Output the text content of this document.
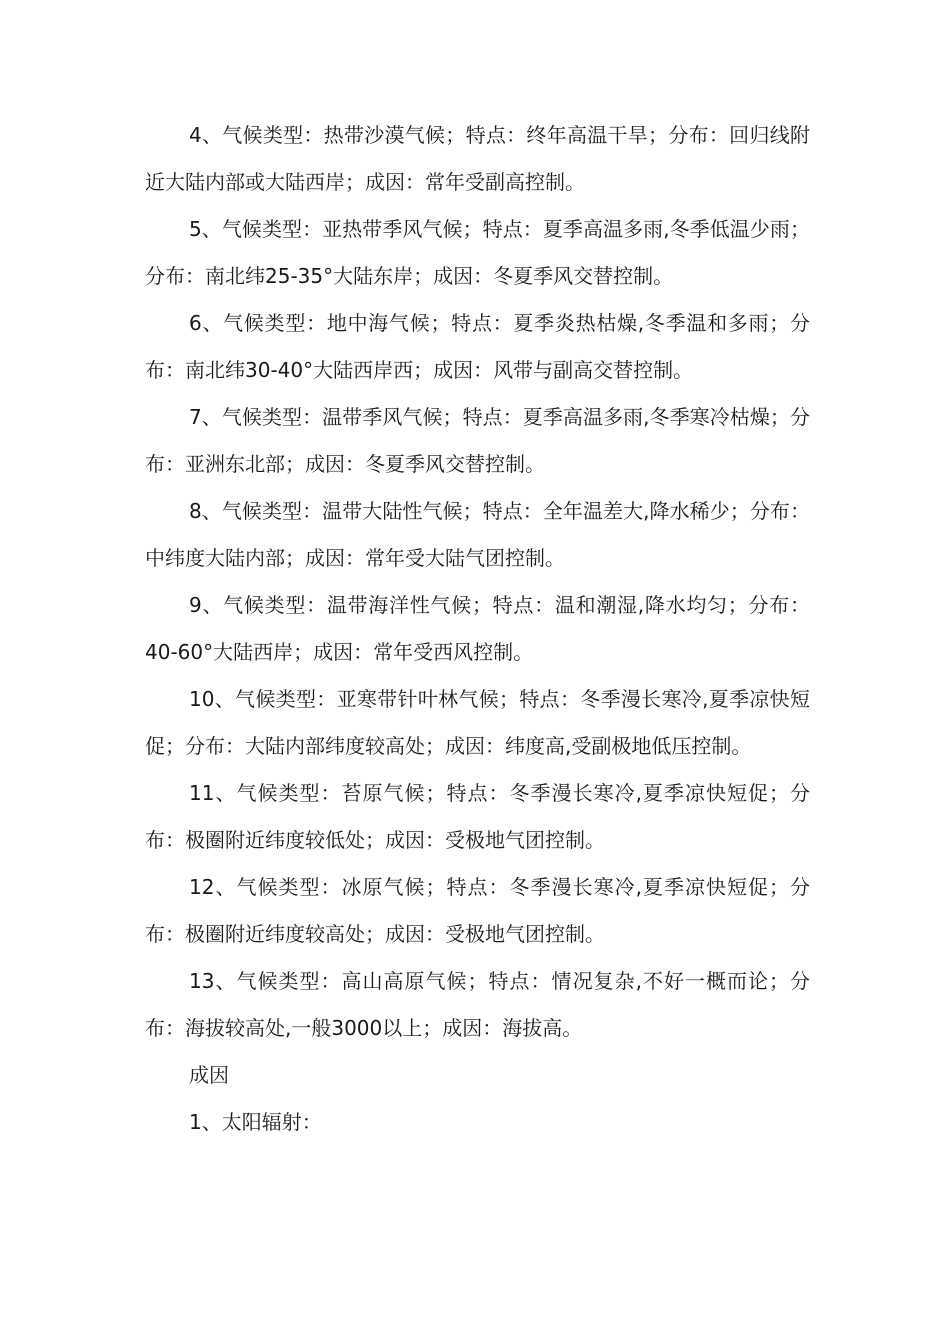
4、气候类型：热带沙漠气候；特点：终年高温干旱；分布：回归线附近大陆内部或大陆西岸；成因：常年受副高控制。

5、气候类型：亚热带季风气候；特点：夏季高温多雨,冬季低温少雨；分布：南北纬25-35°大陆东岸；成因：冬夏季风交替控制。

6、气候类型：地中海气候；特点：夏季炎热枯燥,冬季温和多雨；分布：南北纬30-40°大陆西岸西；成因：风带与副高交替控制。

7、气候类型：温带季风气候；特点：夏季高温多雨,冬季寒冷枯燥；分布：亚洲东北部；成因：冬夏季风交替控制。

8、气候类型：温带大陆性气候；特点：全年温差大,降水稀少；分布：中纬度大陆内部；成因：常年受大陆气团控制。

9、气候类型：温带海洋性气候；特点：温和潮湿,降水均匀；分布：40-60°大陆西岸；成因：常年受西风控制。

10、气候类型：亚寒带针叶林气候；特点：冬季漫长寒冷,夏季凉快短促；分布：大陆内部纬度较高处；成因：纬度高,受副极地低压控制。

11、气候类型：苔原气候；特点：冬季漫长寒冷,夏季凉快短促；分布：极圈附近纬度较低处；成因：受极地气团控制。

12、气候类型：冰原气候；特点：冬季漫长寒冷,夏季凉快短促；分布：极圈附近纬度较高处；成因：受极地气团控制。

13、气候类型：高山高原气候；特点：情况复杂,不好一概而论；分布：海拔较高处,一般3000以上；成因：海拔高。

成因

1、太阳辐射：
